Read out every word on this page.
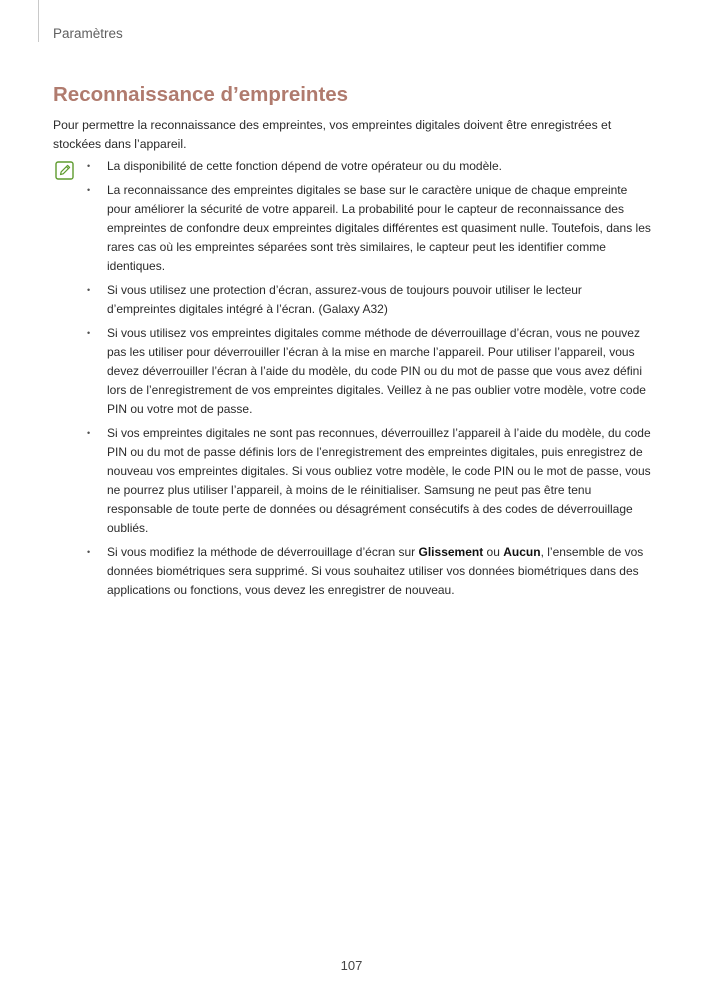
Paramètres
Reconnaissance d’empreintes

Pour permettre la reconnaissance des empreintes, vos empreintes digitales doivent être enregistrées et stockées dans l’appareil.

•	La disponibilité de cette fonction dépend de votre opérateur ou du modèle.
•	La reconnaissance des empreintes digitales se base sur le caractère unique de chaque empreinte pour améliorer la sécurité de votre appareil. La probabilité pour le capteur de reconnaissance des empreintes de confondre deux empreintes digitales différentes est quasiment nulle. Toutefois, dans les rares cas où les empreintes séparées sont très similaires, le capteur peut les identifier comme identiques.
•	Si vous utilisez une protection d’écran, assurez-vous de toujours pouvoir utiliser le lecteur d’empreintes digitales intégré à l’écran. (Galaxy A32)
•	Si vous utilisez vos empreintes digitales comme méthode de déverrouillage d’écran, vous ne pouvez pas les utiliser pour déverrouiller l’écran à la mise en marche l’appareil. Pour utiliser l’appareil, vous devez déverrouiller l’écran à l’aide du modèle, du code PIN ou du mot de passe que vous avez défini lors de l’enregistrement de vos empreintes digitales. Veillez à ne pas oublier votre modèle, votre code PIN ou votre mot de passe.
•	Si vos empreintes digitales ne sont pas reconnues, déverrouillez l’appareil à l’aide du modèle, du code PIN ou du mot de passe définis lors de l’enregistrement des empreintes digitales, puis enregistrez de nouveau vos empreintes digitales. Si vous oubliez votre modèle, le code PIN ou le mot de passe, vous ne pourrez plus utiliser l’appareil, à moins de le réinitialiser. Samsung ne peut pas être tenu responsable de toute perte de données ou désagrément consécutifs à des codes de déverrouillage oubliés.
•	Si vous modifiez la méthode de déverrouillage d’écran sur Glissement ou Aucun, l’ensemble de vos données biométriques sera supprimé. Si vous souhaitez utiliser vos données biométriques dans des applications ou fonctions, vous devez les enregistrer de nouveau.
107
